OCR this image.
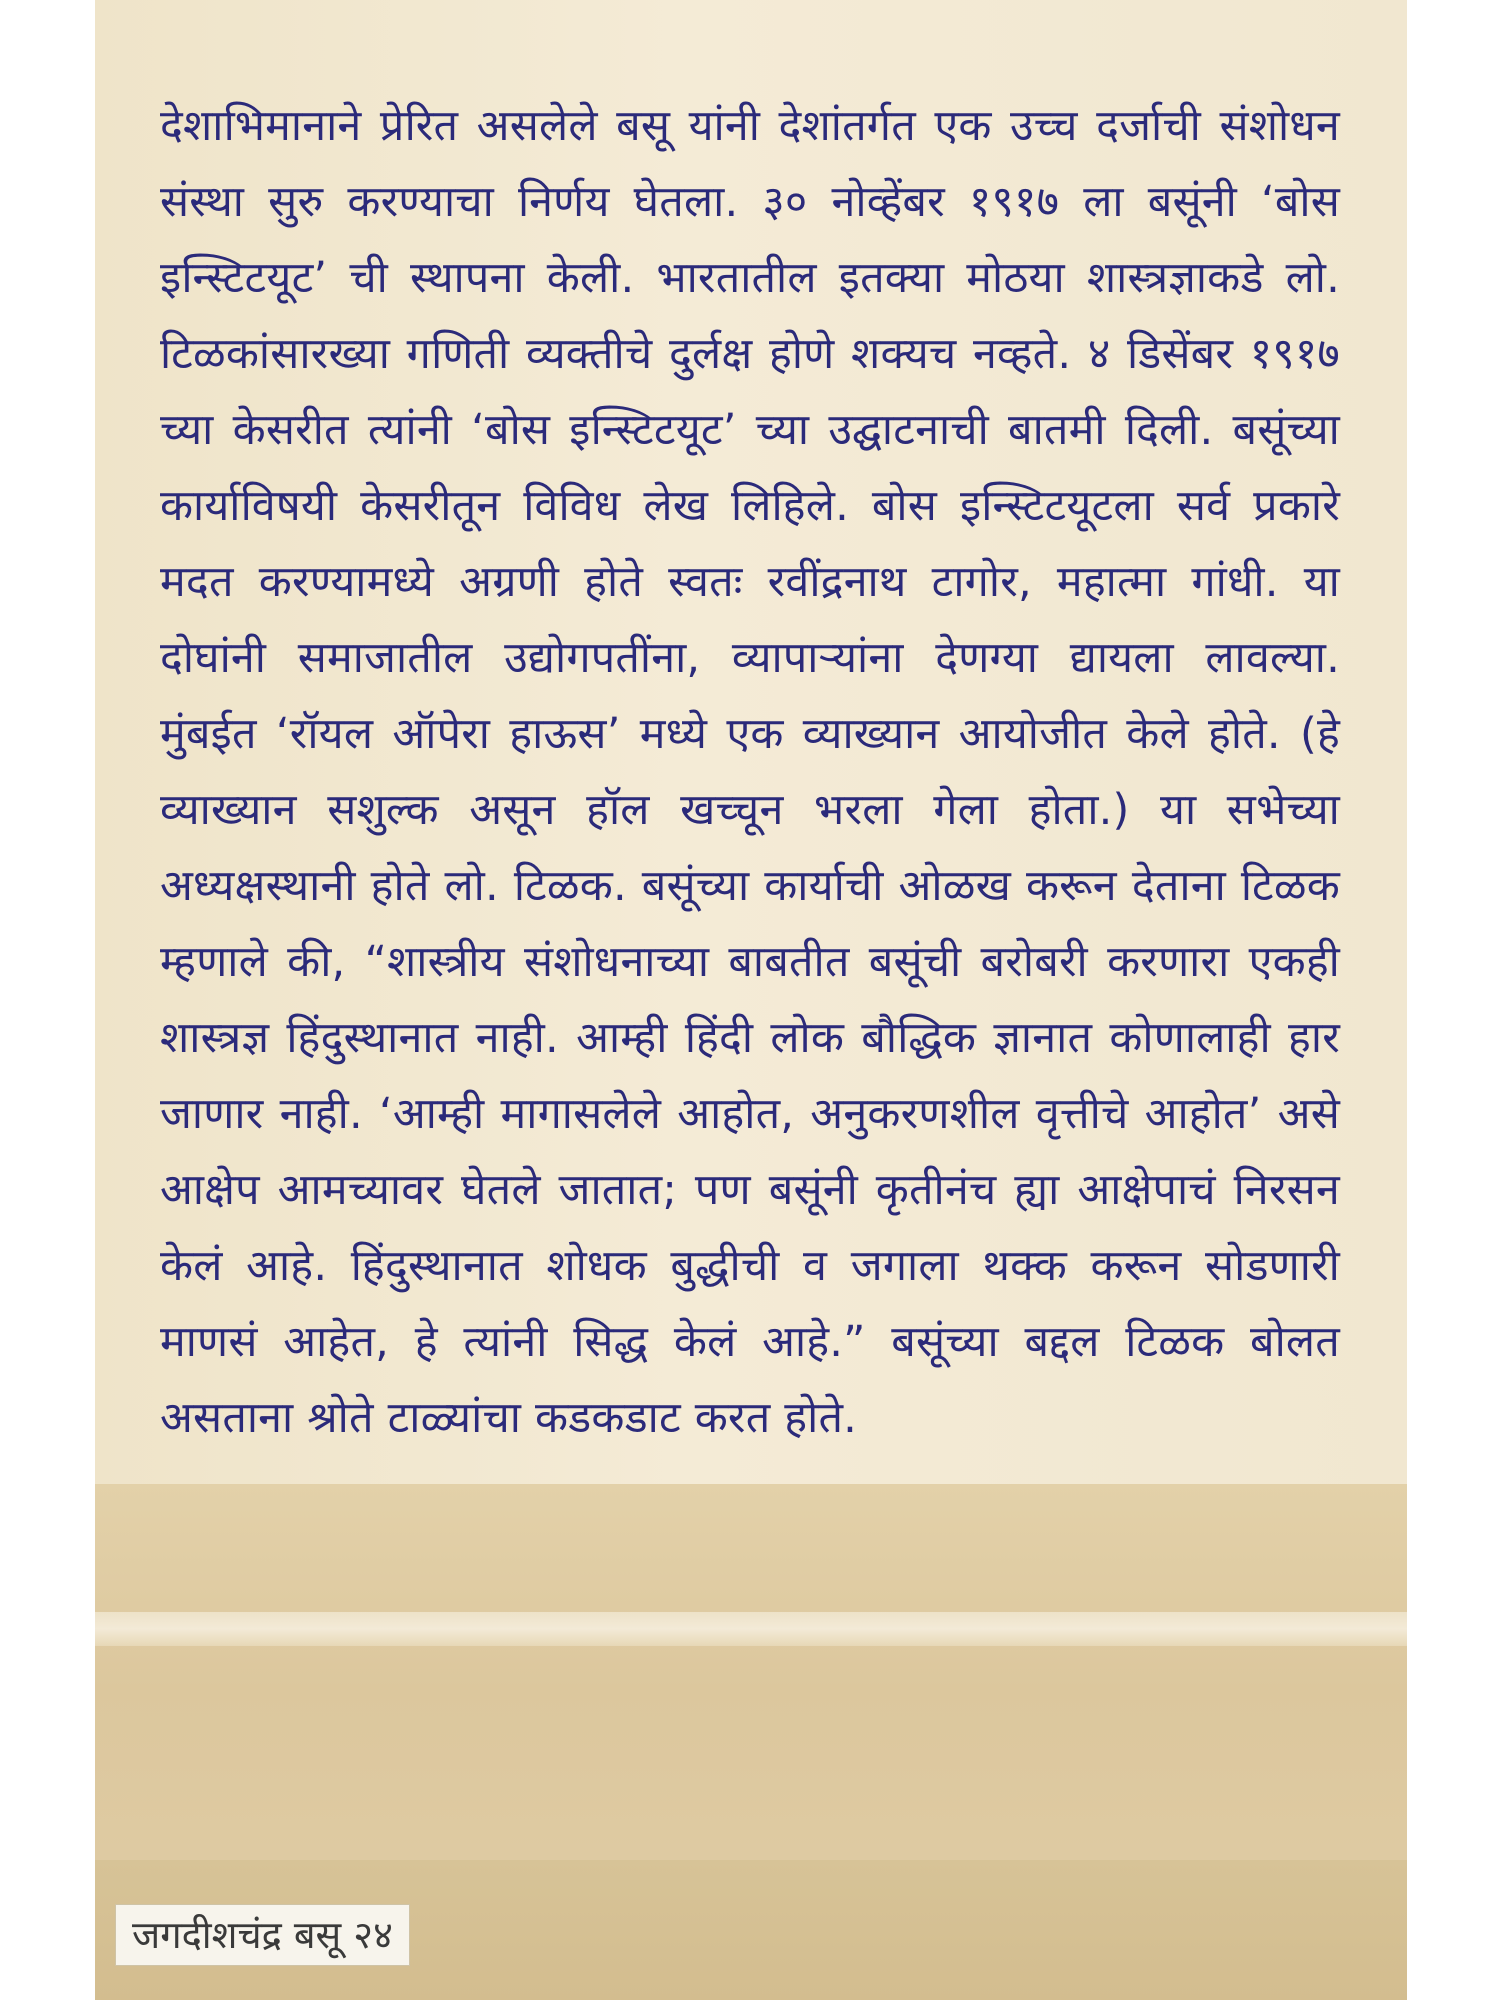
देशाभिमानाने प्रेरित असलेले बसू यांनी देशांतर्गत एक उच्च दर्जाची संशोधन संस्था सुरु करण्याचा निर्णय घेतला. ३० नोव्हेंबर १९१७ ला बसूंनी ‘बोस इन्स्टिटयूट’ ची स्थापना केली. भारतातील इतक्या मोठया शास्त्रज्ञाकडे लो. टिळकांसारख्या गणिती व्यक्तीचे दुर्लक्ष होणे शक्यच नव्हते. ४ डिसेंबर १९१७ च्या केसरीत त्यांनी ‘बोस इन्स्टिटयूट’ च्या उद्घाटनाची बातमी दिली. बसूंच्या कार्याविषयी केसरीतून विविध लेख लिहिले. बोस इन्स्टिटयूटला सर्व प्रकारे मदत करण्यामध्ये अग्रणी होते स्वतः रवींद्रनाथ टागोर, महात्मा गांधी. या दोघांनी समाजातील उद्योगपतींना, व्यापाऱ्यांना देणग्या द्यायला लावल्या. मुंबईत ‘रॉयल ऑपेरा हाऊस’ मध्ये एक व्याख्यान आयोजीत केले होते. (हे व्याख्यान सशुल्क असून हॉल खच्चून भरला गेला होता.) या सभेच्या अध्यक्षस्थानी होते लो. टिळक. बसूंच्या कार्याची ओळख करून देताना टिळक म्हणाले की, “शास्त्रीय संशोधनाच्या बाबतीत बसूंची बरोबरी करणारा एकही शास्त्रज्ञ हिंदुस्थानात नाही. आम्ही हिंदी लोक बौद्धिक ज्ञानात कोणालाही हार जाणार नाही. ‘आम्ही मागासलेले आहोत, अनुकरणशील वृत्तीचे आहोत’ असे आक्षेप आमच्यावर घेतले जातात; पण बसूंनी कृतीनंच ह्या आक्षेपाचं निरसन केलं आहे. हिंदुस्थानात शोधक बुद्धीची व जगाला थक्क करून सोडणारी माणसं आहेत, हे त्यांनी सिद्ध केलं आहे.” बसूंच्या बद्दल टिळक बोलत असताना श्रोते टाळ्यांचा कडकडाट करत होते.

जगदीशचंद्र बसू २४
